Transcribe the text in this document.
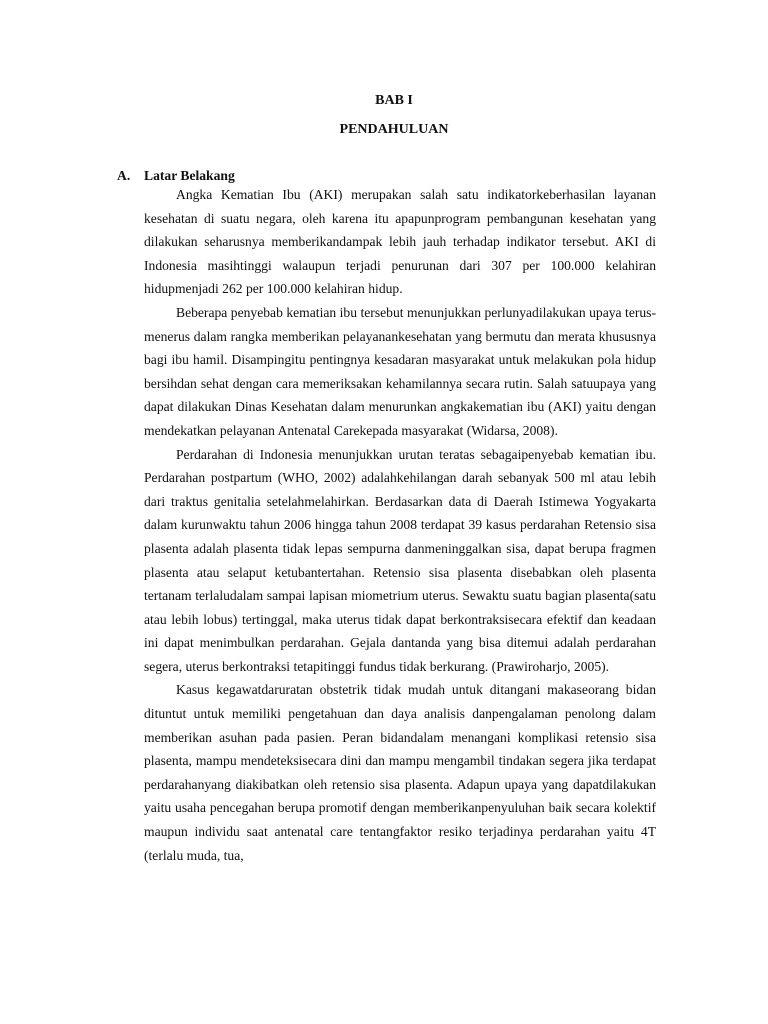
BAB I
PENDAHULUAN
A. Latar Belakang

Angka Kematian Ibu (AKI) merupakan salah satu indikatorkeberhasilan layanan kesehatan di suatu negara, oleh karena itu apapunprogram pembangunan kesehatan yang dilakukan seharusnya memberikandampak lebih jauh terhadap indikator tersebut. AKI di Indonesia masihtinggi walaupun terjadi penurunan dari 307 per 100.000 kelahiran hidupmenjadi 262 per 100.000 kelahiran hidup.

Beberapa penyebab kematian ibu tersebut menunjukkan perlunyadilakukan upaya terus-menerus dalam rangka memberikan pelayanankesehatan yang bermutu dan merata khususnya bagi ibu hamil. Disampingitu pentingnya kesadaran masyarakat untuk melakukan pola hidup bersihdan sehat dengan cara memeriksakan kehamilannya secara rutin. Salah satuupaya yang dapat dilakukan Dinas Kesehatan dalam menurunkan angkakematian ibu (AKI) yaitu dengan mendekatkan pelayanan Antenatal Carekepada masyarakat (Widarsa, 2008).

Perdarahan di Indonesia menunjukkan urutan teratas sebagaipenyebab kematian ibu. Perdarahan postpartum (WHO, 2002) adalahkehilangan darah sebanyak 500 ml atau lebih dari traktus genitalia setelahmelahirkan. Berdasarkan data di Daerah Istimewa Yogyakarta dalam kurunwaktu tahun 2006 hingga tahun 2008 terdapat 39 kasus perdarahan Retensio sisa plasenta adalah plasenta tidak lepas sempurna danmeninggalkan sisa, dapat berupa fragmen plasenta atau selaput ketubantertahan. Retensio sisa plasenta disebabkan oleh plasenta tertanam terlaludalam sampai lapisan miometrium uterus. Sewaktu suatu bagian plasenta(satu atau lebih lobus) tertinggal, maka uterus tidak dapat berkontraksisecara efektif dan keadaan ini dapat menimbulkan perdarahan. Gejala dantanda yang bisa ditemui adalah perdarahan segera, uterus berkontraksi tetapitinggi fundus tidak berkurang. (Prawiroharjo, 2005).

Kasus kegawatdaruratan obstetrik tidak mudah untuk ditangani makaseorang bidan dituntut untuk memiliki pengetahuan dan daya analisis danpengalaman penolong dalam memberikan asuhan pada pasien. Peran bidandalam menangani komplikasi retensio sisa plasenta, mampu mendeteksisecara dini dan mampu mengambil tindakan segera jika terdapat perdarahanyang diakibatkan oleh retensio sisa plasenta. Adapun upaya yang dapatdilakukan yaitu usaha pencegahan berupa promotif dengan memberikanpenyuluhan baik secara kolektif maupun individu saat antenatal care tentangfaktor resiko terjadinya perdarahan yaitu 4T (terlalu muda, tua,
